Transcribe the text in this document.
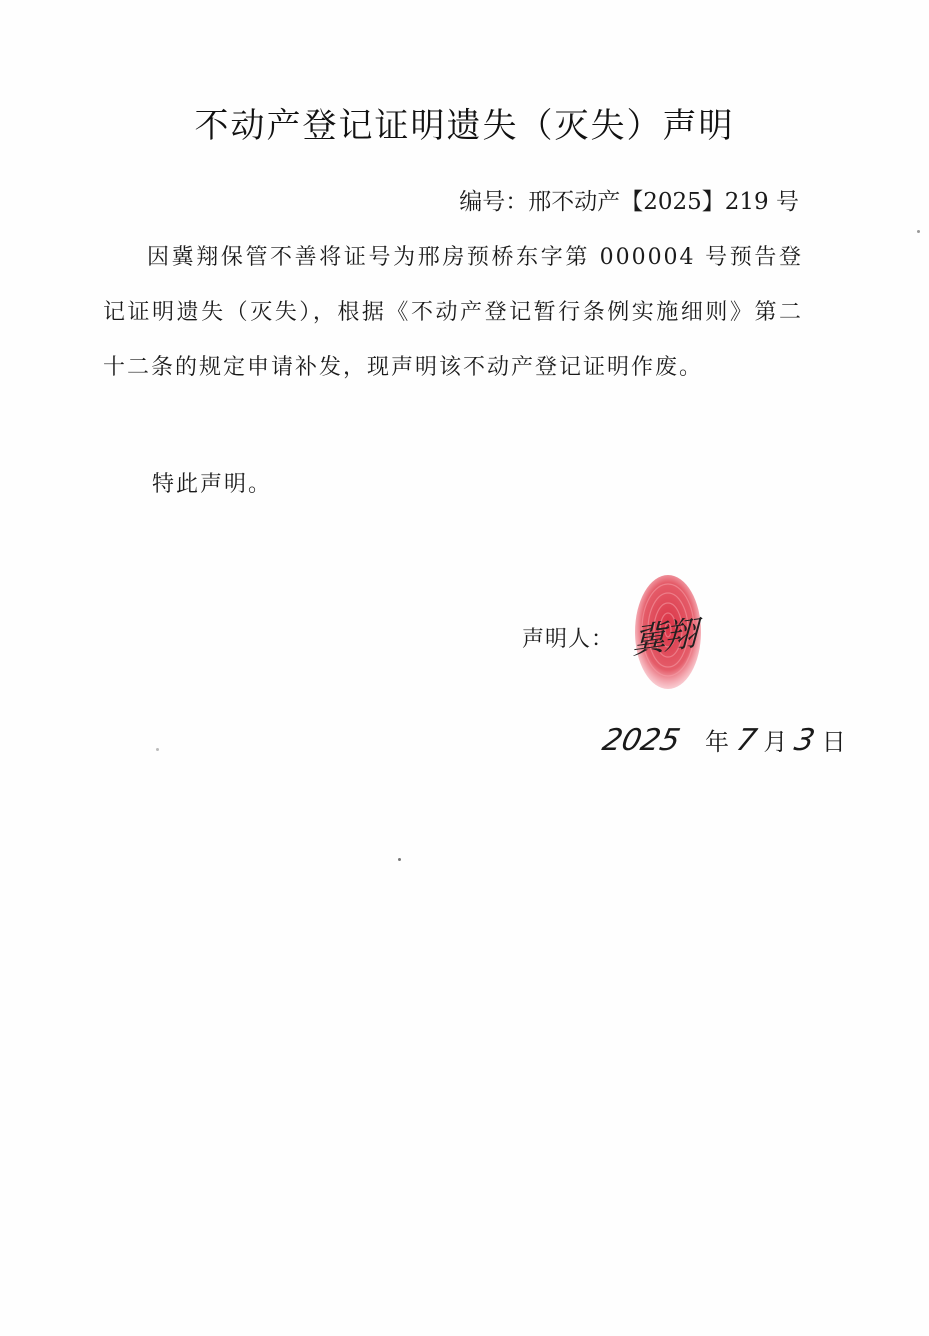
不动产登记证明遗失（灭失）声明
编号：邢不动产【2025】219 号
因冀翔保管不善将证号为邢房预桥东字第 000004 号预告登记证明遗失（灭失），根据《不动产登记暂行条例实施细则》第二十二条的规定申请补发，现声明该不动产登记证明作废。
特此声明。
声明人： 冀翔
2025 年 7 月 3 日
